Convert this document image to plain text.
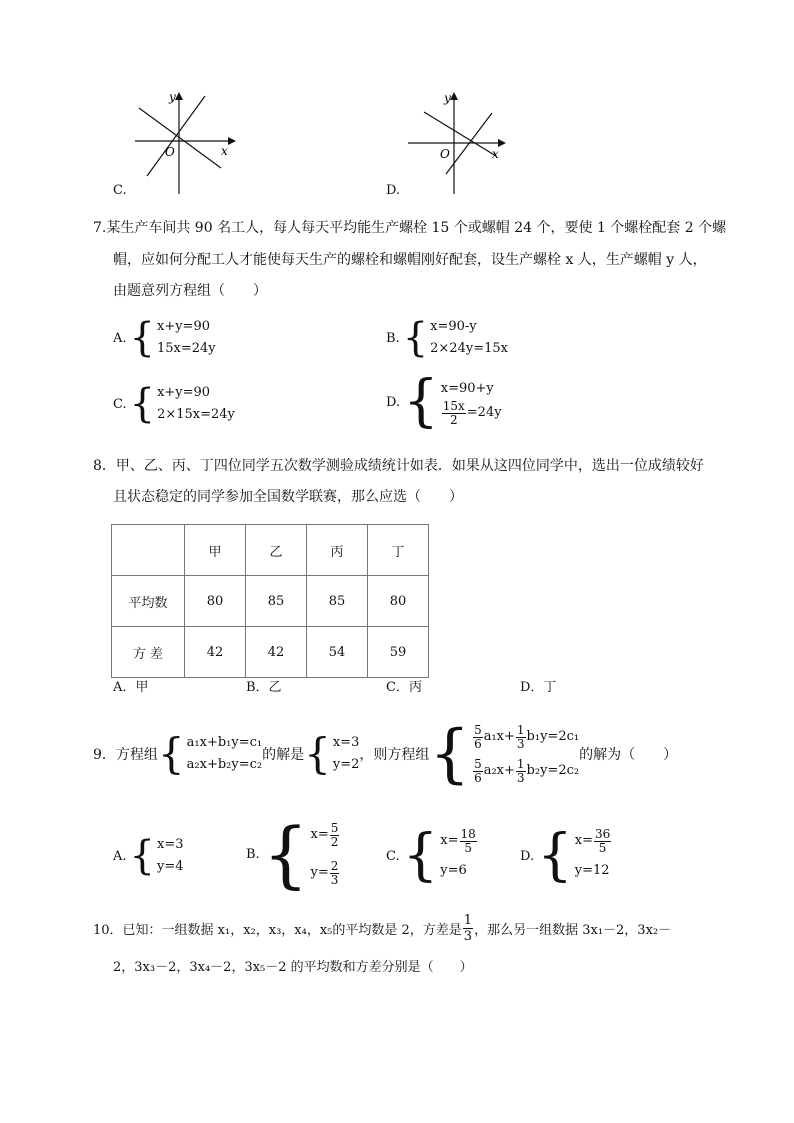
y
x
O
C.
y
x
O
D.
7.某生产车间共 90 名工人，每人每天平均能生产螺栓 15 个或螺帽 24 个，要使 1 个螺栓配套 2 个螺
帽，应如何分配工人才能使每天生产的螺栓和螺帽刚好配套，设生产螺栓 x 人，生产螺帽 y 人，
由题意列方程组（　　）
A. { x+y=90
15x=24y
B. { x=90-y
2×24y=15x
C. { x+y=90
2×15x=24y
D. { x=90+y
$\frac{15x}{2} =24y$
8．甲、乙、丙、丁四位同学五次数学测验成绩统计如表．如果从这四位同学中，选出一位成绩较好
且状态稳定的同学参加全国数学联赛，那么应选（　　）
	甲	乙	丙	丁
平均数	80	85	85	80
方 差	42	42	54	59
A．甲	B．乙	C．丙	D．丁
9．方程组 { a₁x+b₁y=c₁
a₂x+b₂y=c₂
的解是 { x=3
y=2
，则方程组 { $\frac{5}{6} a_1x+ \frac{1}{3} b_1y=2c_1$
$\frac{5}{6} a_2x+ \frac{1}{3} b_2y=2c_2$
的解为（　　）
A. { x=3
y=4
B. { $x= \frac{5}{2}$
$y= \frac{2}{3}$
C. { $x= \frac{18}{5}$
y=6
D. { $x= \frac{36}{5}$
y=12
10．已知：一组数据 x₁，x₂，x₃，x₄，x₅的平均数是 2，方差是 $\frac{1}{3}$ ，那么另一组数据 3x₁－2，3x₂－
2，3x₃－2，3x₄－2，3x₅－2 的平均数和方差分别是（　　）
